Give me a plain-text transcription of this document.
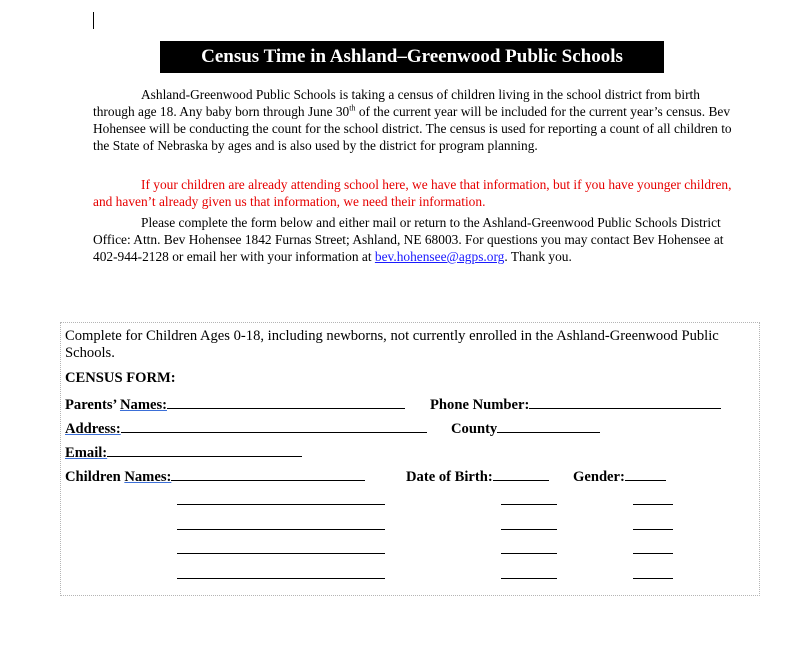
Census Time in Ashland–Greenwood Public Schools

Ashland-Greenwood Public Schools is taking a census of children living in the school district from birth through age 18. Any baby born through June 30th of the current year will be included for the current year’s census. Bev Hohensee will be conducting the count for the school district. The census is used for reporting a count of all children to the State of Nebraska by ages and is also used by the district for program planning.

If your children are already attending school here, we have that information, but if you have younger children, and haven’t already given us that information, we need their information.

Please complete the form below and either mail or return to the Ashland-Greenwood Public Schools District Office: Attn. Bev Hohensee 1842 Furnas Street; Ashland, NE 68003. For questions you may contact Bev Hohensee at 402-944-2128 or email her with your information at bev.hohensee@agps.org. Thank you.

Complete for Children Ages 0-18, including newborns, not currently enrolled in the Ashland-Greenwood Public Schools.
CENSUS FORM:
Parents’ Names:	Phone Number:
Address:	County
Email:
Children Names:	Date of Birth:	Gender:
